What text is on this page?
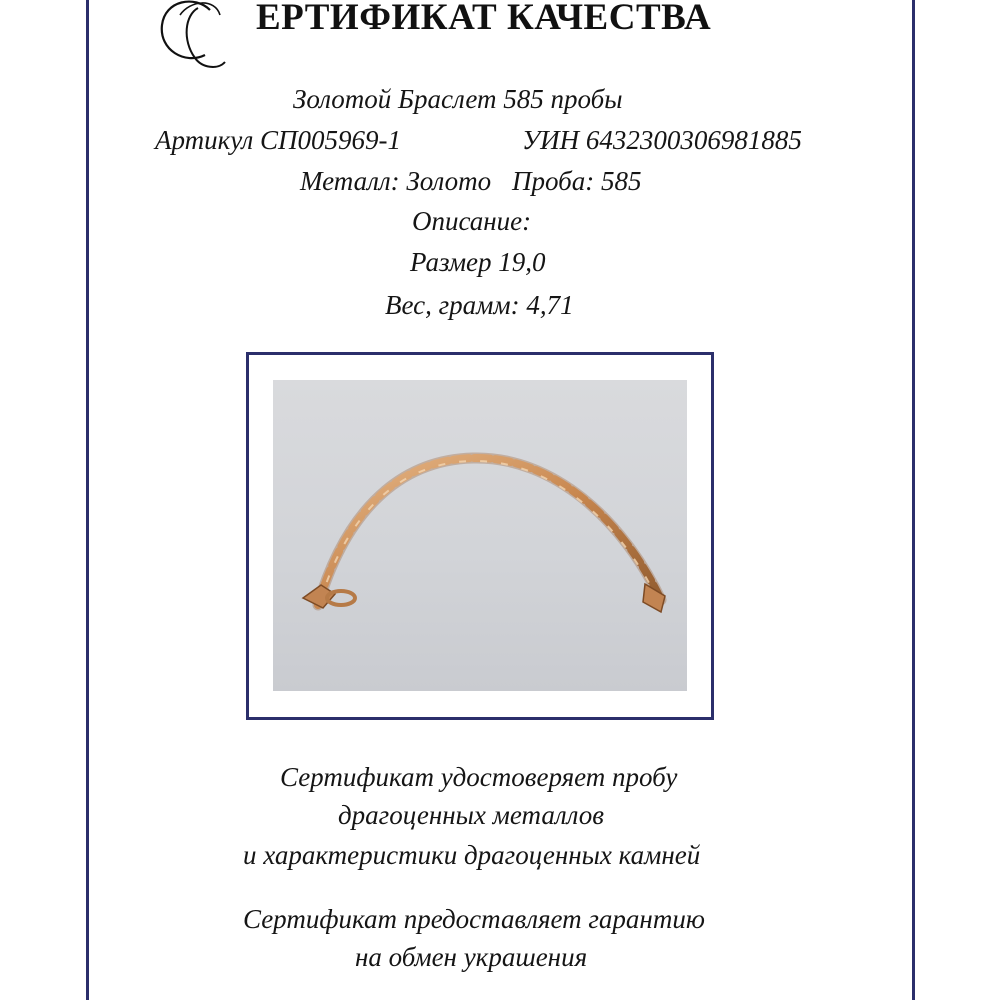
ЕРТИФИКАТ КАЧЕСТВА
Золотой Браслет 585 пробы
Артикул СП005969-1	УИН 6432300306981885
Металл: Золото Проба: 585
Описание:
Размер 19,0
Вес, грамм: 4,71
Сертификат удостоверяет пробу
драгоценных металлов
и характеристики драгоценных камней
Сертификат предоставляет гарантию
на обмен украшения
